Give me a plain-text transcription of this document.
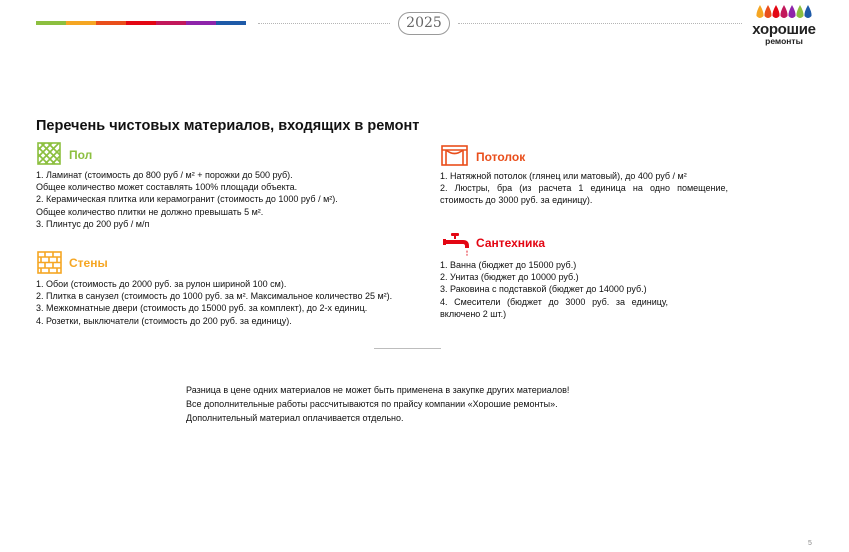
2025	хорошие
ремонты
Перечень чистовых материалов, входящих в ремонт
Пол

1. Ламинат (стоимость до 800 руб / м² + порожки до 500 руб).

Общее количество может составлять 100% площади объекта.

2. Керамическая плитка или керамогранит (стоимость до 1000 руб / м²).

Общее количество плитки не должно превышать 5 м².

3. Плинтус до 200 руб / м/п

Стены

1. Обои (стоимость до 2000 руб. за рулон шириной 100 см).

2. Плитка в санузел (стоимость до 1000 руб. за м². Максимальное количество 25 м²).

3. Межкомнатные двери (стоимость до 15000 руб. за комплект), до 2-х единиц.

4. Розетки, выключатели (стоимость до 200 руб. за единицу).

Потолок

1. Натяжной потолок (глянец или матовый), до 400 руб / м²

2. Люстры, бра (из расчета 1 единица на одно помещение, стоимость до 3000 руб. за единицу).

Сантехника

1. Ванна (бюджет до 15000 руб.)

2. Унитаз (бюджет до 10000 руб.)

3. Раковина с подставкой (бюджет до 14000 руб.)

4. Смесители (бюджет до 3000 руб. за единицу, включено 2 шт.)

Разница в цене одних материалов не может быть применена в закупке других материалов!

Все дополнительные работы рассчитываются по прайсу компании «Хорошие ремонты».

Дополнительный материал оплачивается отдельно.

5
